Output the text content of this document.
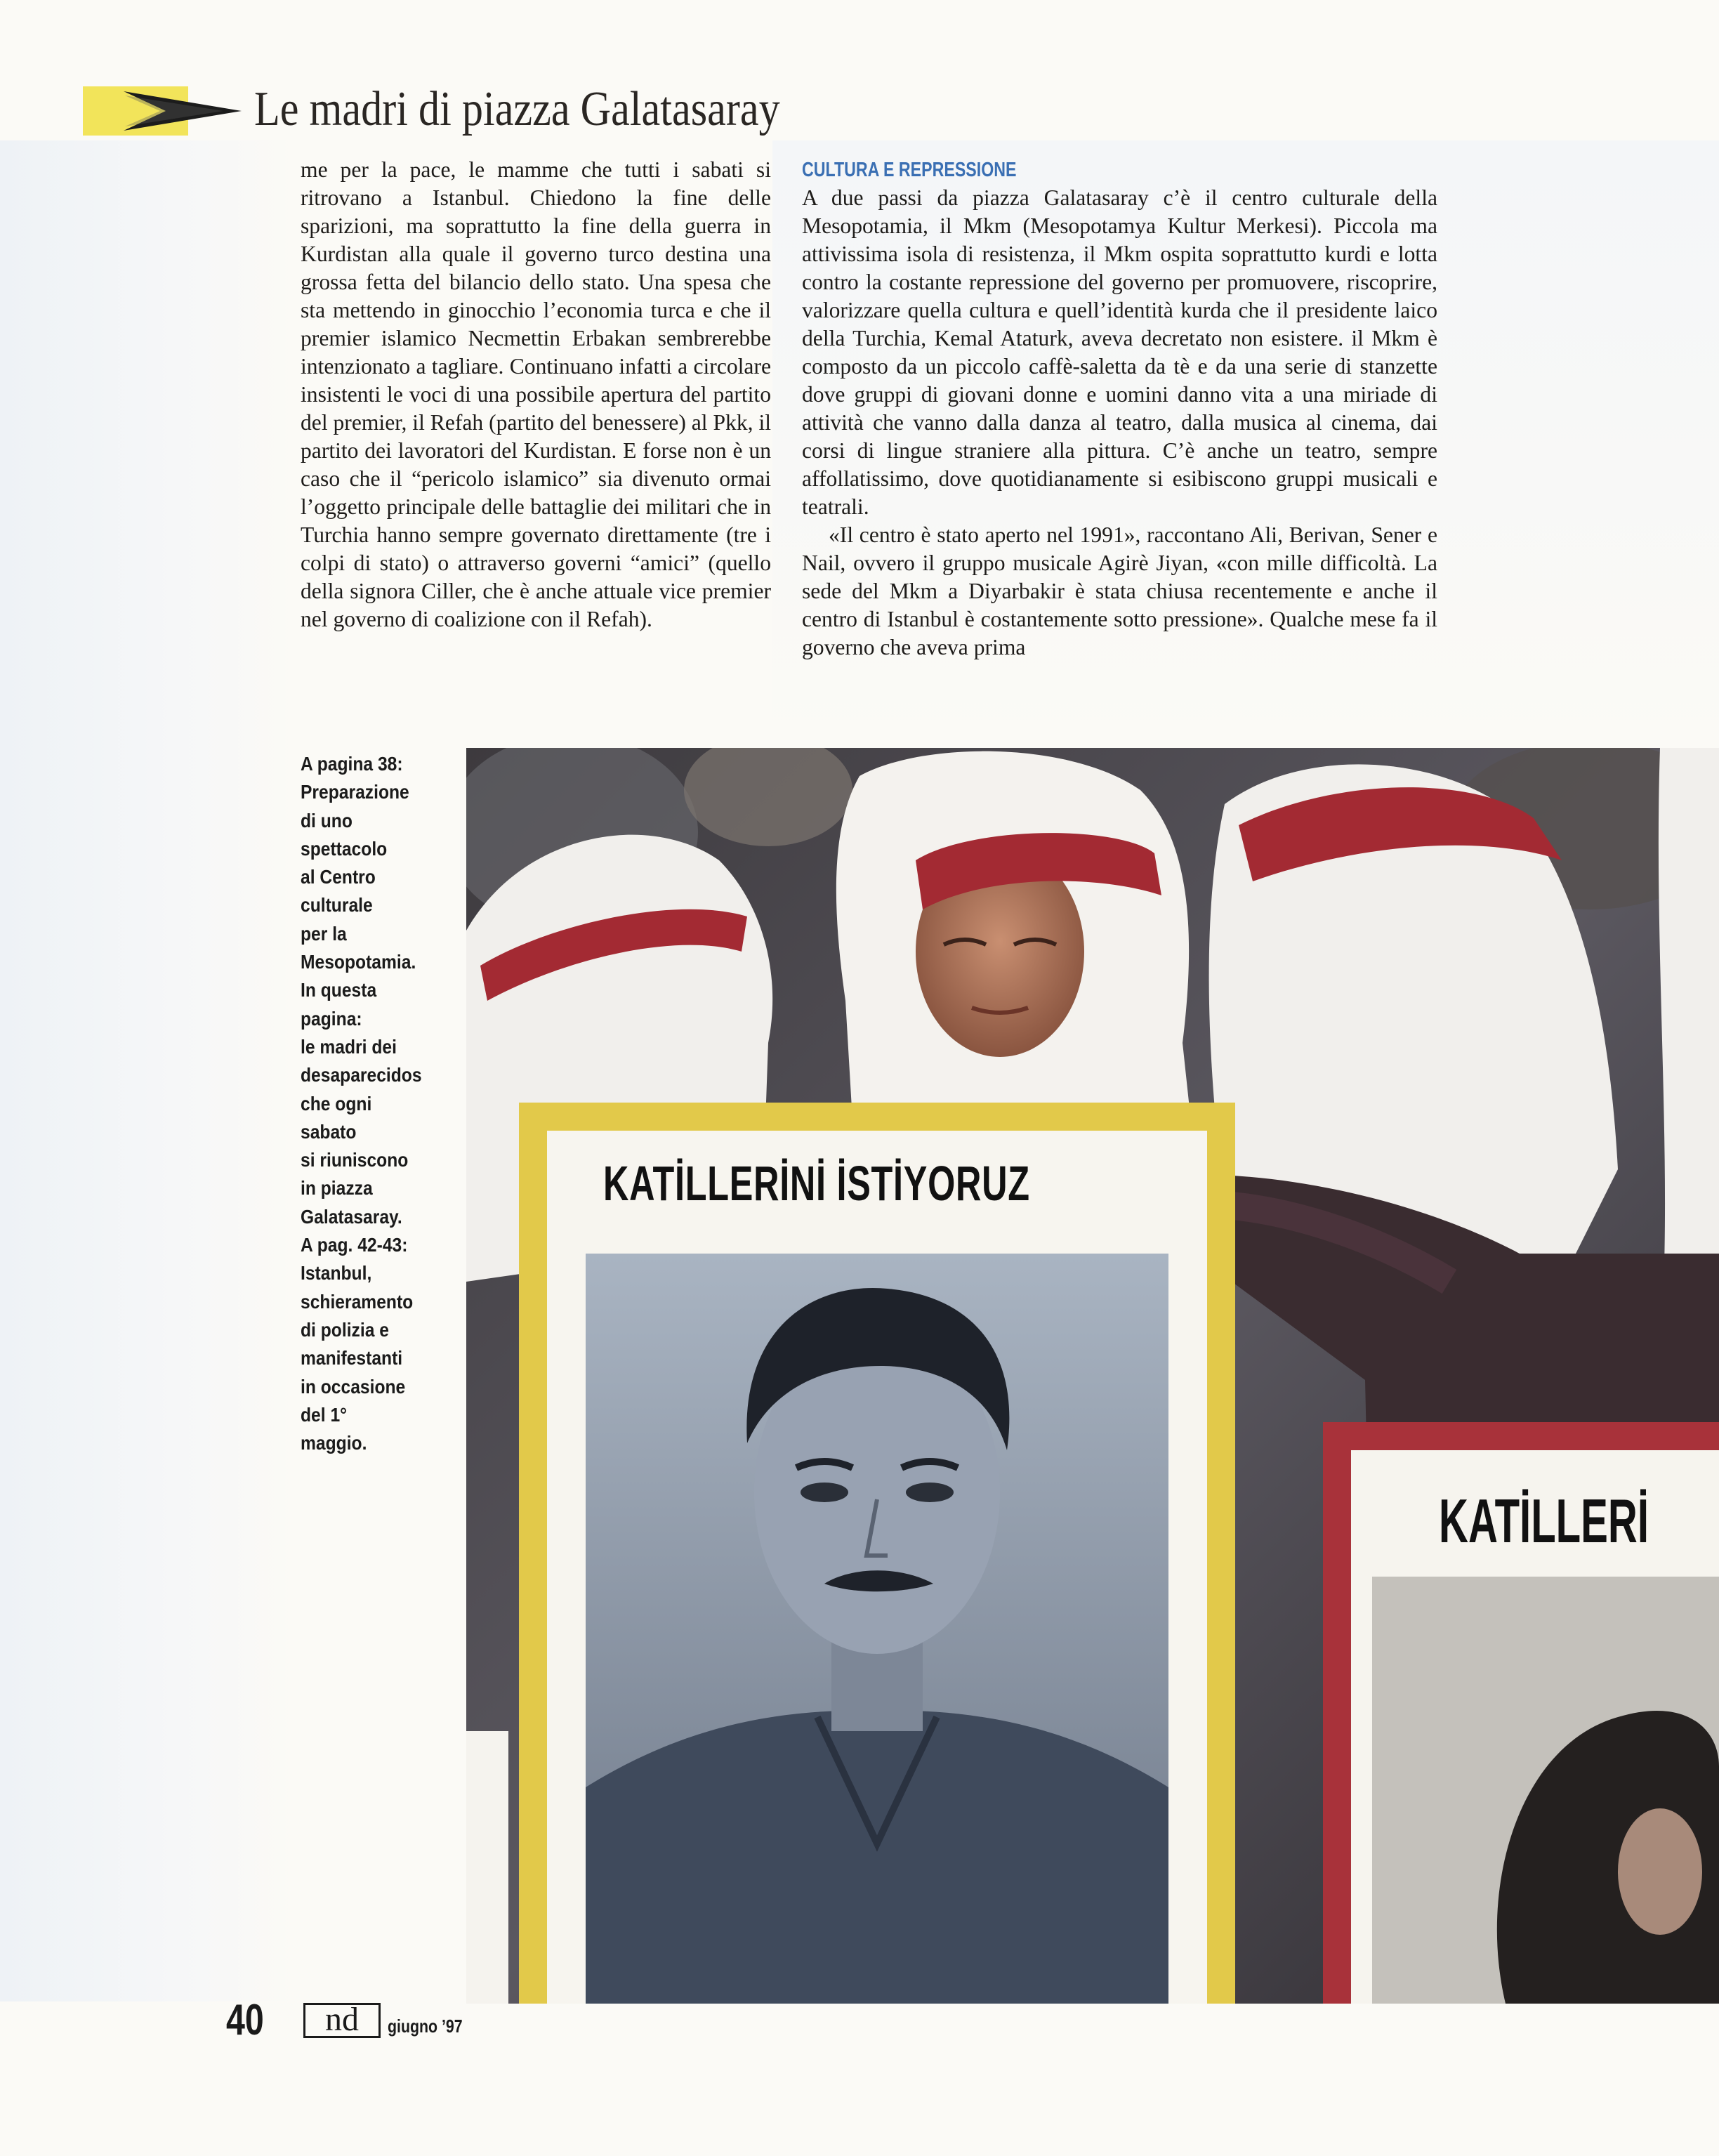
Le madri di piazza Galatasaray

me per la pace, le mamme che tutti i sabati si ritrovano a Istanbul. Chiedono la fine delle sparizioni, ma soprattutto la fine della guerra in Kurdistan alla quale il governo turco destina una grossa fetta del bilancio dello stato. Una spesa che sta mettendo in ginocchio l’economia turca e che il premier islamico Necmettin Erbakan sembrerebbe intenzionato a tagliare. Continuano infatti a circolare insistenti le voci di una possibile apertura del partito del premier, il Refah (partito del benessere) al Pkk, il partito dei lavoratori del Kurdistan. E forse non è un caso che il “pericolo islamico” sia divenuto ormai l’oggetto principale delle battaglie dei militari che in Turchia hanno sempre governato direttamente (tre i colpi di stato) o attraverso governi “amici” (quello della signora Ciller, che è anche attuale vice premier nel governo di coalizione con il Refah).

CULTURA E REPRESSIONE

A due passi da piazza Galatasaray c’è il centro culturale della Mesopotamia, il Mkm (Mesopotamya Kultur Merkesi). Piccola ma attivissima isola di resistenza, il Mkm ospita soprattutto kurdi e lotta contro la costante repressione del governo per promuovere, riscoprire, valorizzare quella cultura e quell’identità kurda che il presidente laico della Turchia, Kemal Ataturk, aveva decretato non esistere. il Mkm è composto da un piccolo caffè-saletta da tè e da una serie di stanzette dove gruppi di giovani donne e uomini danno vita a una miriade di attività che vanno dalla danza al teatro, dalla musica al cinema, dai corsi di lingue straniere alla pittura. C’è anche un teatro, sempre affollatissimo, dove quotidianamente si esibiscono gruppi musicali e teatrali.

«Il centro è stato aperto nel 1991», raccontano Ali, Berivan, Sener e Nail, ovvero il gruppo musicale Agirè Jiyan, «con mille difficoltà. La sede del Mkm a Diyarbakir è stata chiusa recentemente e anche il centro di Istanbul è costantemente sotto pressione». Qualche mese fa il governo che aveva prima

A pagina 38:
Preparazione
di uno
spettacolo
al Centro
culturale
per la
Mesopotamia.
In questa
pagina:
le madri dei
desaparecidos
che ogni
sabato
si riuniscono
in piazza
Galatasaray.
A pag. 42-43:
Istanbul,
schieramento
di polizia e
manifestanti
in occasione
del 1°
maggio.
KATİLLERİNİ İSTİYORUZ
KATİLLERİ
40	nd	giugno ’97
